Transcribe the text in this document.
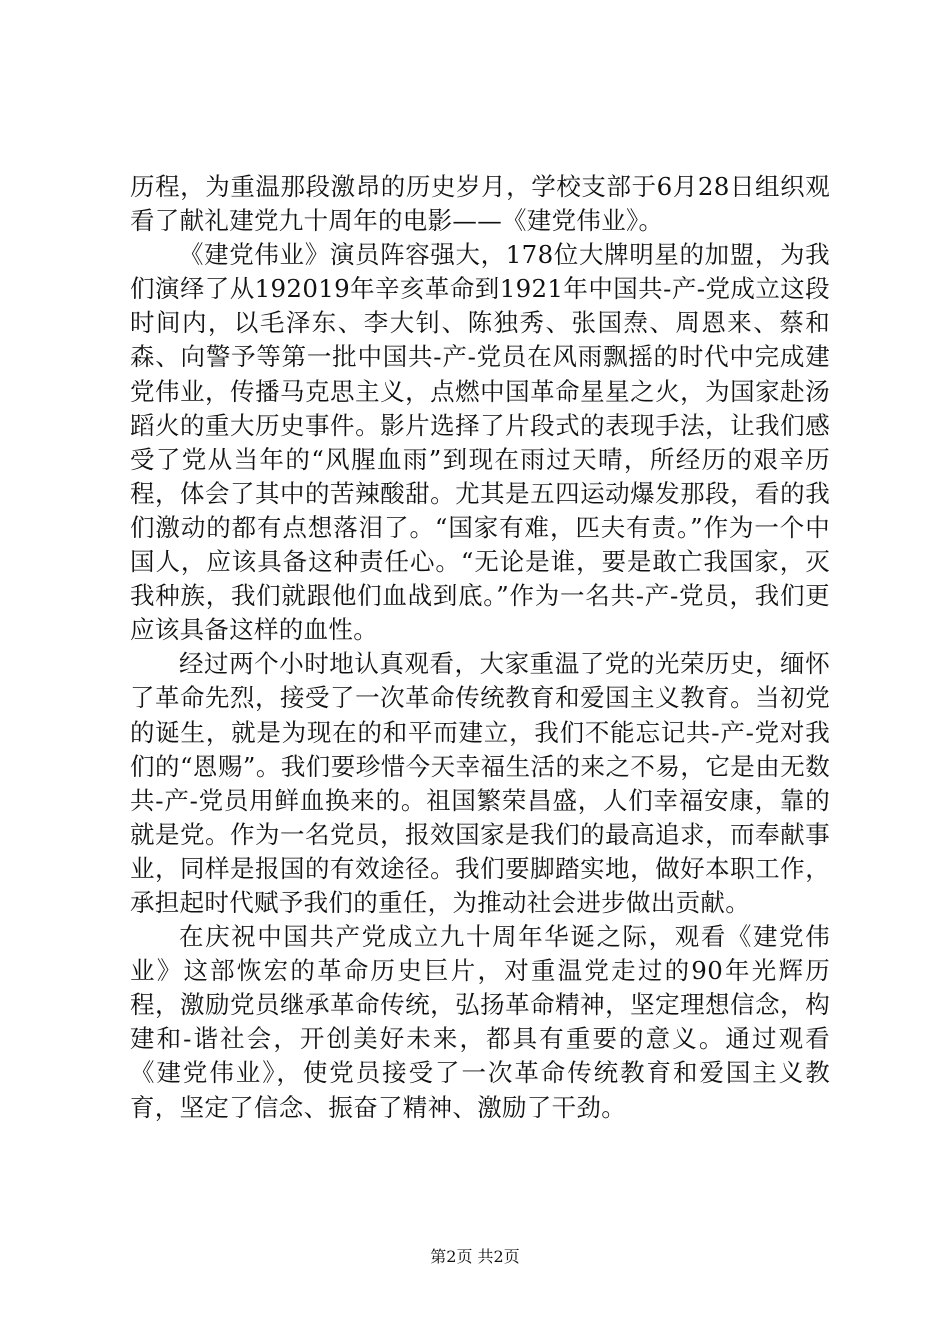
历程，为重温那段激昂的历史岁月，学校支部于6月28日组织观看了献礼建党九十周年的电影——《建党伟业》。

《建党伟业》演员阵容强大，178位大牌明星的加盟，为我们演绎了从192019年辛亥革命到1921年中国共-产-党成立这段时间内，以毛泽东、李大钊、陈独秀、张国焘、周恩来、蔡和森、向警予等第一批中国共-产-党员在风雨飘摇的时代中完成建党伟业，传播马克思主义，点燃中国革命星星之火，为国家赴汤蹈火的重大历史事件。影片选择了片段式的表现手法，让我们感受了党从当年的“风腥血雨”到现在雨过天晴，所经历的艰辛历程，体会了其中的苦辣酸甜。尤其是五四运动爆发那段，看的我们激动的都有点想落泪了。“国家有难，匹夫有责。”作为一个中国人，应该具备这种责任心。“无论是谁，要是敢亡我国家，灭我种族，我们就跟他们血战到底。”作为一名共-产-党员，我们更应该具备这样的血性。

经过两个小时地认真观看，大家重温了党的光荣历史，缅怀了革命先烈，接受了一次革命传统教育和爱国主义教育。当初党的诞生，就是为现在的和平而建立，我们不能忘记共-产-党对我们的“恩赐”。我们要珍惜今天幸福生活的来之不易，它是由无数共-产-党员用鲜血换来的。祖国繁荣昌盛，人们幸福安康，靠的就是党。作为一名党员，报效国家是我们的最高追求，而奉献事业，同样是报国的有效途径。我们要脚踏实地，做好本职工作，承担起时代赋予我们的重任，为推动社会进步做出贡献。

在庆祝中国共产党成立九十周年华诞之际，观看《建党伟业》这部恢宏的革命历史巨片，对重温党走过的90年光辉历程，激励党员继承革命传统，弘扬革命精神，坚定理想信念，构建和-谐社会，开创美好未来，都具有重要的意义。通过观看《建党伟业》，使党员接受了一次革命传统教育和爱国主义教育，坚定了信念、振奋了精神、激励了干劲。

第2页 共2页
